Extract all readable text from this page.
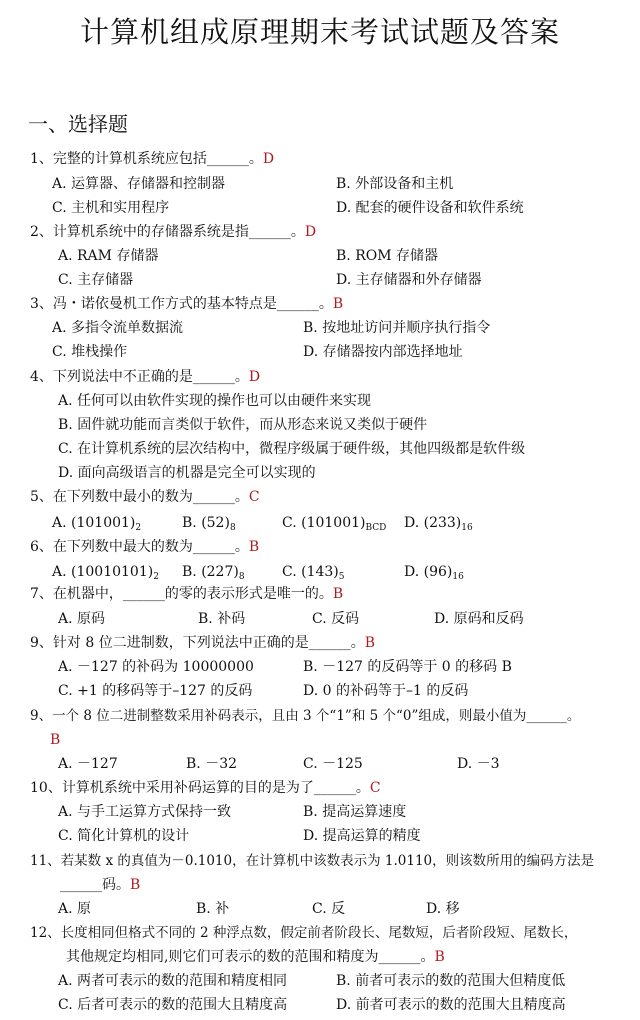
计算机组成原理期末考试试题及答案
一、选择题
1、完整的计算机系统应包括______。D
A. 运算器、存储器和控制器	B. 外部设备和主机
C. 主机和实用程序	D. 配套的硬件设备和软件系统
2、计算机系统中的存储器系统是指______。D
A. RAM 存储器	B. ROM 存储器
C. 主存储器	D. 主存储器和外存储器
3、冯・诺依曼机工作方式的基本特点是______。B
A. 多指令流单数据流	B. 按地址访问并顺序执行指令
C. 堆栈操作	D. 存储器按内部选择地址
4、下列说法中不正确的是______。D
A. 任何可以由软件实现的操作也可以由硬件来实现
B. 固件就功能而言类似于软件，而从形态来说又类似于硬件
C. 在计算机系统的层次结构中，微程序级属于硬件级，其他四级都是软件级
D. 面向高级语言的机器是完全可以实现的
5、在下列数中最小的数为______。C
A. $(101001)_2$	B. $(52)_8$	C. $(101001)_{BCD}$ D. $(233)_{16}$
6、在下列数中最大的数为______。B
A. $(10010101)_2$ B. $(227)_8$	C. $(143)_5$	D. $(96)_{16}$
7、在机器中，______的零的表示形式是唯一的。B
A. 原码	B. 补码	C. 反码	D. 原码和反码
9、针对 8 位二进制数，下列说法中正确的是______。B
A. －127 的补码为 10000000	B. －127 的反码等于 0 的移码 B
C. +1 的移码等于–127 的反码	D. 0 的补码等于–1 的反码
9、一个 8 位二进制整数采用补码表示，且由 3 个“1”和 5 个“0”组成，则最小值为______。
B
A. －127	B. －32	C. －125	D. －3
10、计算机系统中采用补码运算的目的是为了______。C
A. 与手工运算方式保持一致	B. 提高运算速度
C. 简化计算机的设计	D. 提高运算的精度
11、若某数 x 的真值为－0.1010，在计算机中该数表示为 1.0110，则该数所用的编码方法是
______码。B
A. 原	B. 补	C. 反	D. 移
12、长度相同但格式不同的 2 种浮点数，假定前者阶段长、尾数短，后者阶段短、尾数长，
其他规定均相同,则它们可表示的数的范围和精度为______。B
A. 两者可表示的数的范围和精度相同	B. 前者可表示的数的范围大但精度低
C. 后者可表示的数的范围大且精度高	D. 前者可表示的数的范围大且精度高
